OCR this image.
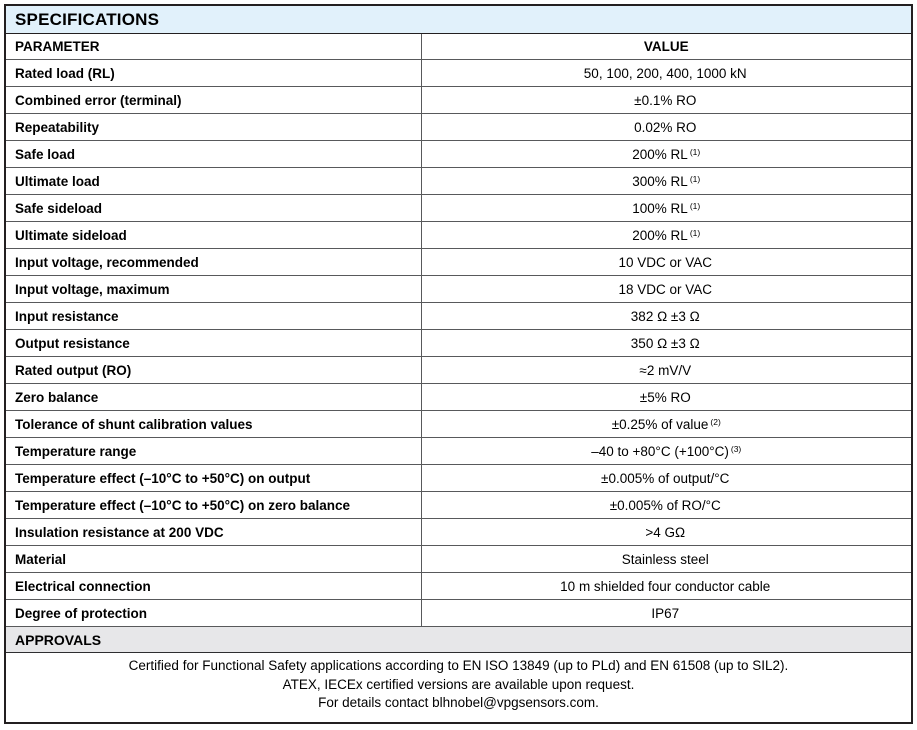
SPECIFICATIONS	
PARAMETER	VALUE
Rated load (RL)	50, 100, 200, 400, 1000 kN
Combined error (terminal)	±0.1% RO
Repeatability	0.02% RO
Safe load	200% RL $^{(1)}$
Ultimate load	300% RL $^{(1)}$
Safe sideload	100% RL $^{(1)}$
Ultimate sideload	200% RL $^{(1)}$
Input voltage, recommended	10 VDC or VAC
Input voltage, maximum	18 VDC or VAC
Input resistance	382 Ω ±3 Ω
Output resistance	350 Ω ±3 Ω
Rated output (RO)	≈2 mV/V
Zero balance	±5% RO
Tolerance of shunt calibration values	±0.25% of value $^{(2)}$
Temperature range	–40 to +80°C (+100°C) $^{(3)}$
Temperature effect (–10°C to +50°C) on output	±0.005% of output/°C
Temperature effect (–10°C to +50°C) on zero balance	±0.005% of RO/°C
Insulation resistance at 200 VDC	>4 GΩ
Material	Stainless steel
Electrical connection	10 m shielded four conductor cable
Degree of protection	IP67
APPROVALS	

Certified for Functional Safety applications according to EN ISO 13849 (up to PLd) and EN 61508 (up to SIL2).
ATEX, IECEx certified versions are available upon request.
For details contact blhnobel@vpgsensors.com.	
